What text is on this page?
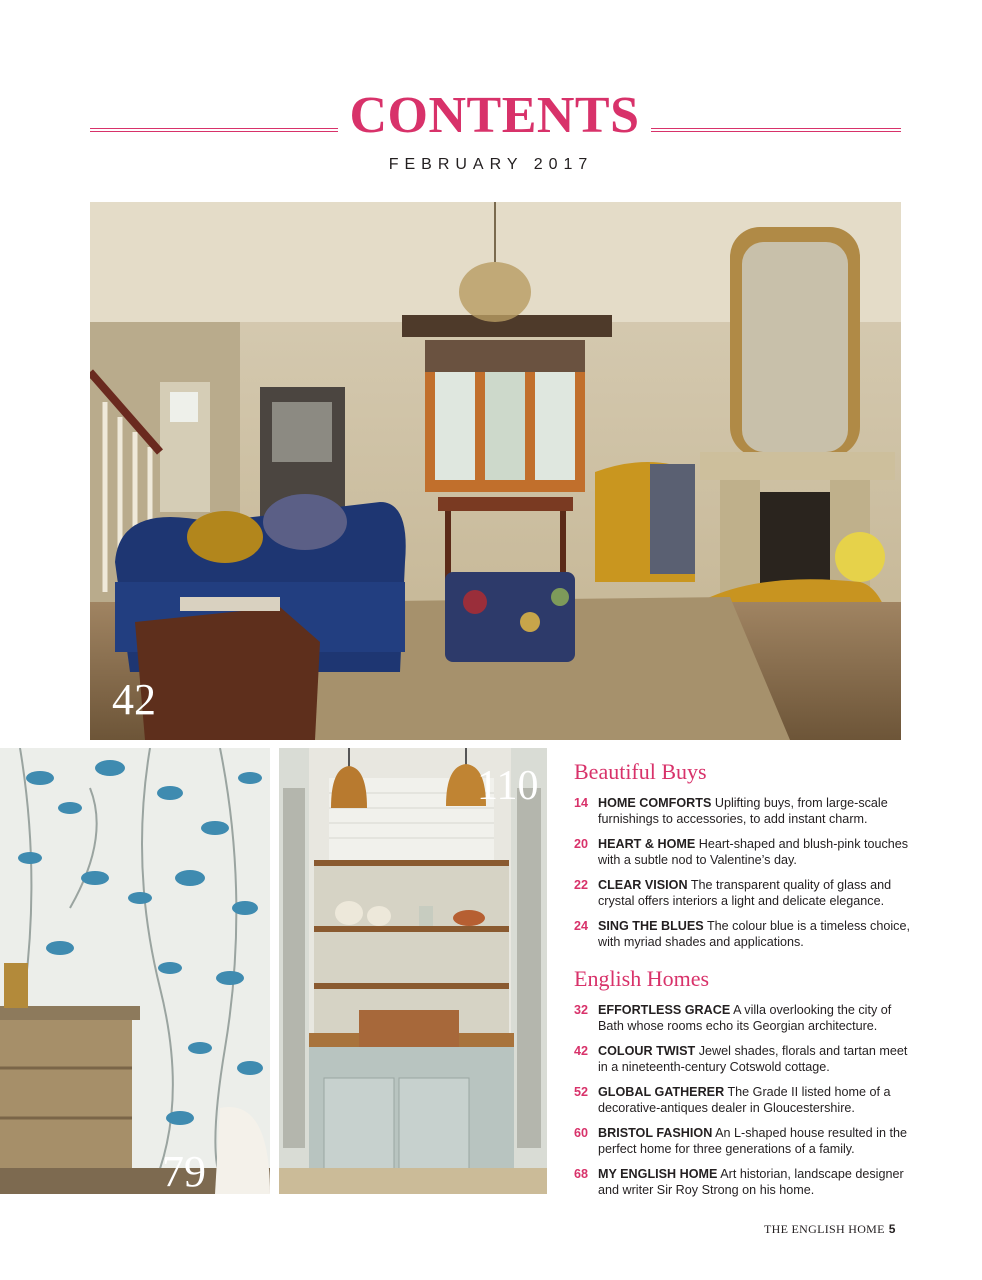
CONTENTS
FEBRUARY 2017
42
79
110 Beautiful Buys
14 HOME COMFORTS Uplifting buys, from large-scale furnishings to accessories, to add instant charm.
20 HEART & HOME Heart-shaped and blush-pink touches with a subtle nod to Valentine’s day.
22 CLEAR VISION The transparent quality of glass and crystal offers interiors a light and delicate elegance.
24 SING THE BLUES The colour blue is a timeless choice, with myriad shades and applications.
English Homes
32 EFFORTLESS GRACE A villa overlooking the city of Bath whose rooms echo its Georgian architecture.
42 COLOUR TWIST Jewel shades, florals and tartan meet in a nineteenth-century Cotswold cottage.
52 GLOBAL GATHERER The Grade II listed home of a decorative-antiques dealer in Gloucestershire.
60 BRISTOL FASHION An L-shaped house resulted in the perfect home for three generations of a family.
68 MY ENGLISH HOME Art historian, landscape designer and writer Sir Roy Strong on his home.
THE ENGLISH HOME 5
